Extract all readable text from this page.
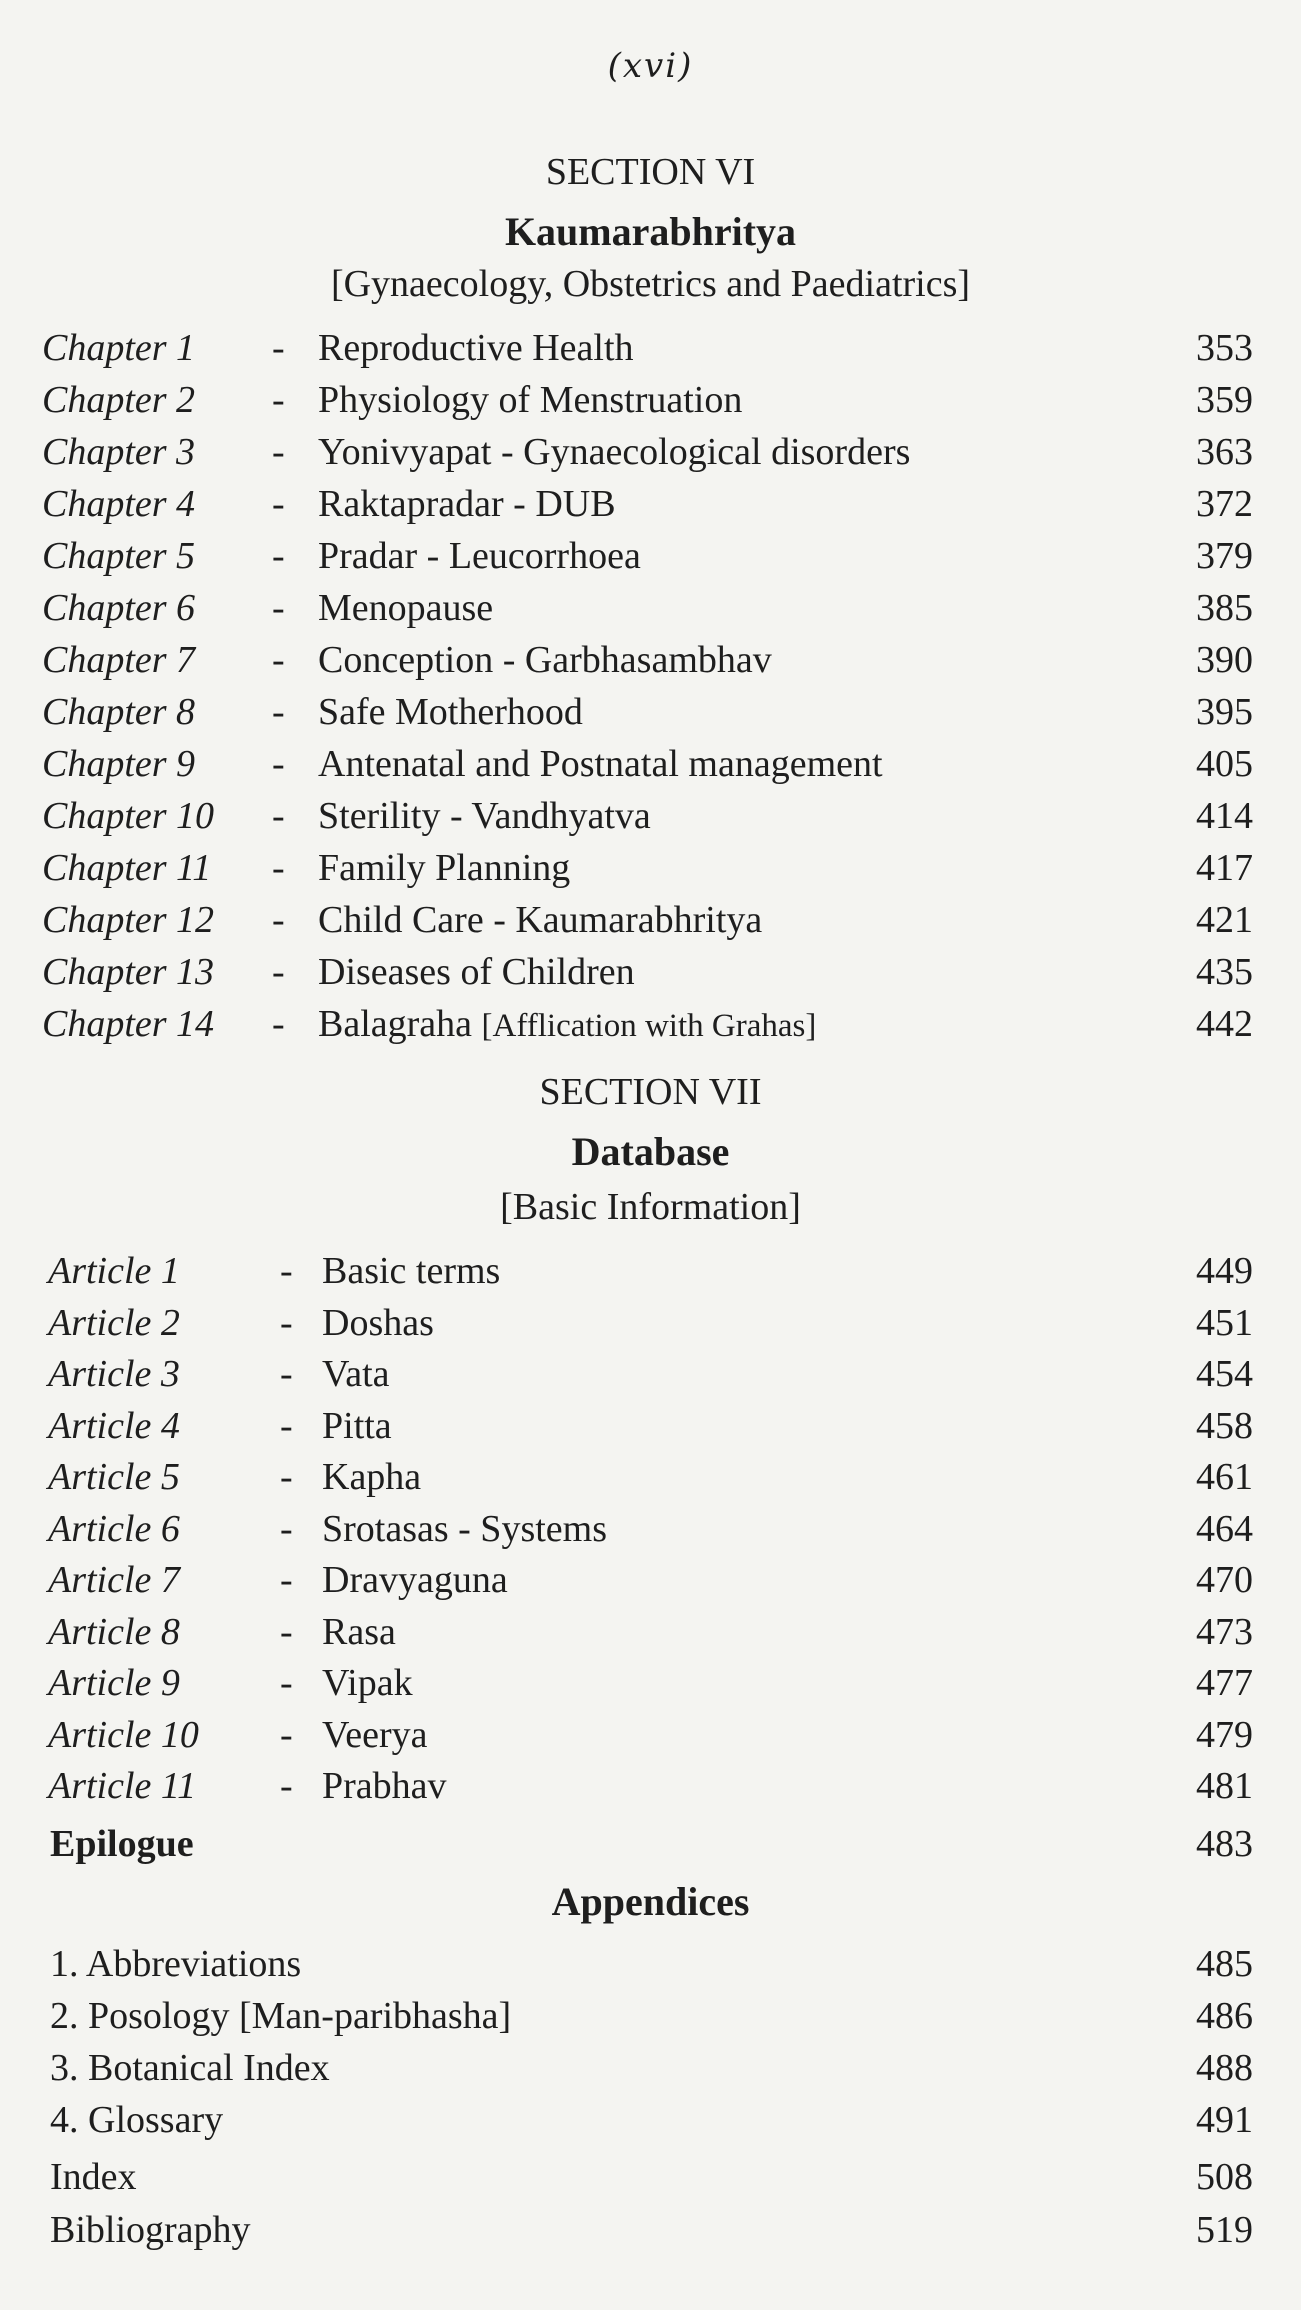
(xvi)
SECTION VI
Kaumarabhritya
[Gynaecology, Obstetrics and Paediatrics]
Chapter 1 - Reproductive Health	353
Chapter 2 - Physiology of Menstruation	359
Chapter 3 - Yonivyapat - Gynaecological disorders	363
Chapter 4 - Raktapradar - DUB	372
Chapter 5 - Pradar - Leucorrhoea	379
Chapter 6 - Menopause	385
Chapter 7 - Conception - Garbhasambhav	390
Chapter 8 - Safe Motherhood	395
Chapter 9 - Antenatal and Postnatal management	405
Chapter 10 - Sterility - Vandhyatva	414
Chapter 11 - Family Planning	417
Chapter 12 - Child Care - Kaumarabhritya	421
Chapter 13 - Diseases of Children	435
Chapter 14 - Balagraha [Afflication with Grahas]	442
SECTION VII
Database
[Basic Information]
Article 1	- Basic terms	449
Article 2	- Doshas	451
Article 3	- Vata	454
Article 4	- Pitta	458
Article 5	- Kapha	461
Article 6	- Srotasas - Systems	464
Article 7	- Dravyaguna	470
Article 8	- Rasa	473
Article 9	- Vipak	477
Article 10 - Veerya	479
Article 11 - Prabhav	481
Epilogue	483
Appendices
1. Abbreviations	485
2. Posology [Man-paribhasha]	486
3. Botanical Index	488
4. Glossary	491
Index	508
Bibliography	519
